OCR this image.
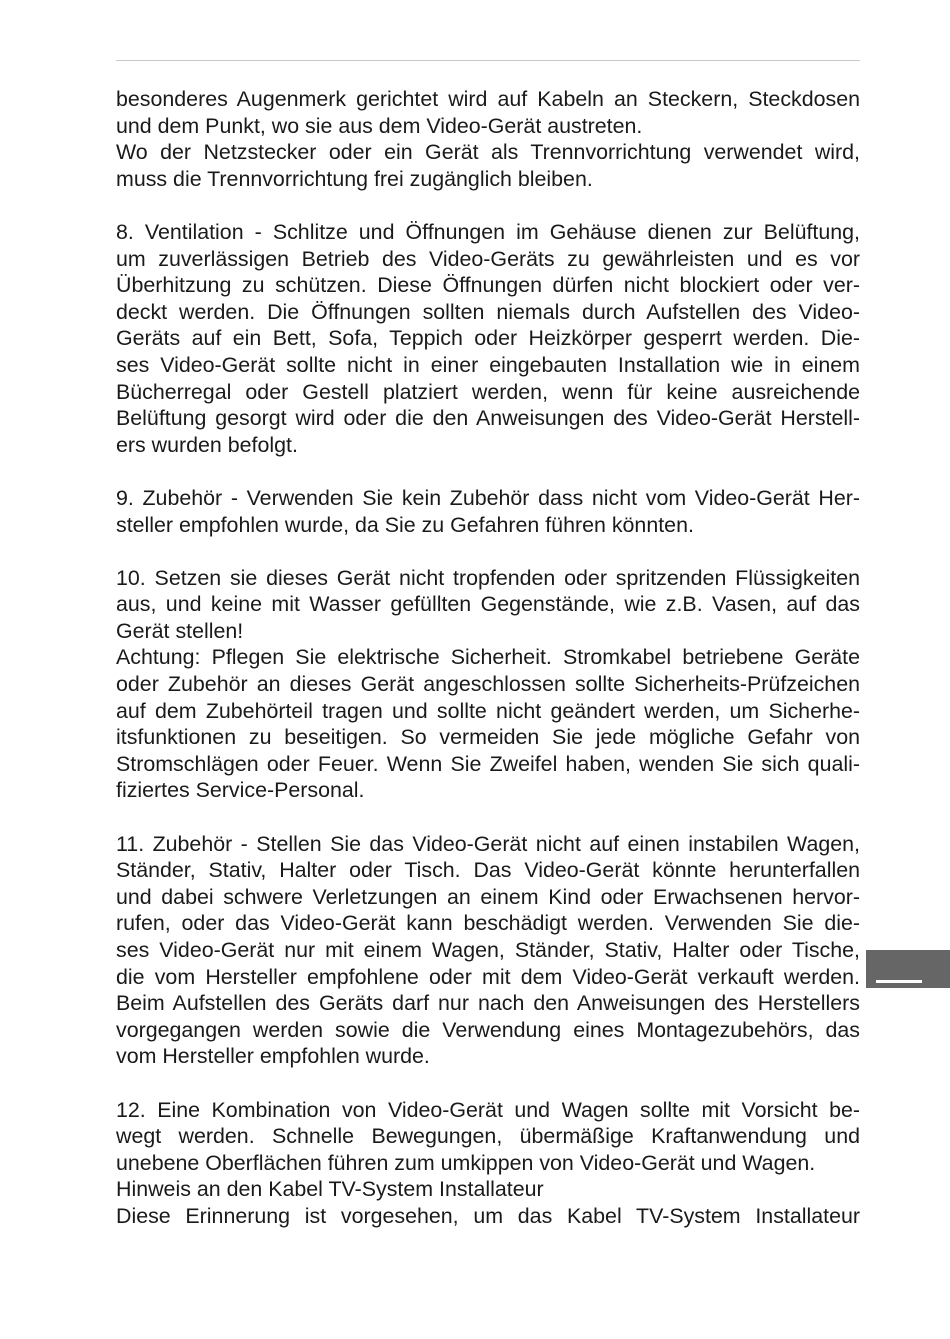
besonderes Augenmerk gerichtet wird auf Kabeln an Steckern, Steckdosen
und dem Punkt, wo sie aus dem Video-Gerät austreten.
Wo der Netzstecker oder ein Gerät als Trennvorrichtung verwendet wird,
muss die Trennvorrichtung frei zugänglich bleiben.
8. Ventilation - Schlitze und Öffnungen im Gehäuse dienen zur Belüftung,
um zuverlässigen Betrieb des Video-Geräts zu gewährleisten und es vor
Überhitzung zu schützen. Diese Öffnungen dürfen nicht blockiert oder ver-
deckt werden. Die Öffnungen sollten niemals durch Aufstellen des Video-
Geräts auf ein Bett, Sofa, Teppich oder Heizkörper gesperrt werden. Die-
ses Video-Gerät sollte nicht in einer eingebauten Installation wie in einem
Bücherregal oder Gestell platziert werden, wenn für keine ausreichende
Belüftung gesorgt wird oder die den Anweisungen des Video-Gerät Herstell-
ers wurden befolgt.
9. Zubehör - Verwenden Sie kein Zubehör dass nicht vom Video-Gerät Her-
steller empfohlen wurde, da Sie zu Gefahren führen könnten.
10. Setzen sie dieses Gerät nicht tropfenden oder spritzenden Flüssigkeiten
aus, und keine mit Wasser gefüllten Gegenstände, wie z.B. Vasen, auf das
Gerät stellen!
Achtung: Pflegen Sie elektrische Sicherheit. Stromkabel betriebene Geräte
oder Zubehör an dieses Gerät angeschlossen sollte Sicherheits-Prüfzeichen
auf dem Zubehörteil tragen und sollte nicht geändert werden, um Sicherhe-
itsfunktionen zu beseitigen. So vermeiden Sie jede mögliche Gefahr von
Stromschlägen oder Feuer. Wenn Sie Zweifel haben, wenden Sie sich quali-
fiziertes Service-Personal.
11. Zubehör - Stellen Sie das Video-Gerät nicht auf einen instabilen Wagen,
Ständer, Stativ, Halter oder Tisch. Das Video-Gerät könnte herunterfallen
und dabei schwere Verletzungen an einem Kind oder Erwachsenen hervor-
rufen, oder das Video-Gerät kann beschädigt werden. Verwenden Sie die-
ses Video-Gerät nur mit einem Wagen, Ständer, Stativ, Halter oder Tische,
die vom Hersteller empfohlene oder mit dem Video-Gerät verkauft werden.
Beim Aufstellen des Geräts darf nur nach den Anweisungen des Herstellers
vorgegangen werden sowie die Verwendung eines Montagezubehörs, das
vom Hersteller empfohlen wurde.
12. Eine Kombination von Video-Gerät und Wagen sollte mit Vorsicht be-
wegt werden. Schnelle Bewegungen, übermäßige Kraftanwendung und
unebene Oberflächen führen zum umkippen von Video-Gerät und Wagen.
Hinweis an den Kabel TV-System Installateur
Diese Erinnerung ist vorgesehen, um das Kabel TV-System Installateur
